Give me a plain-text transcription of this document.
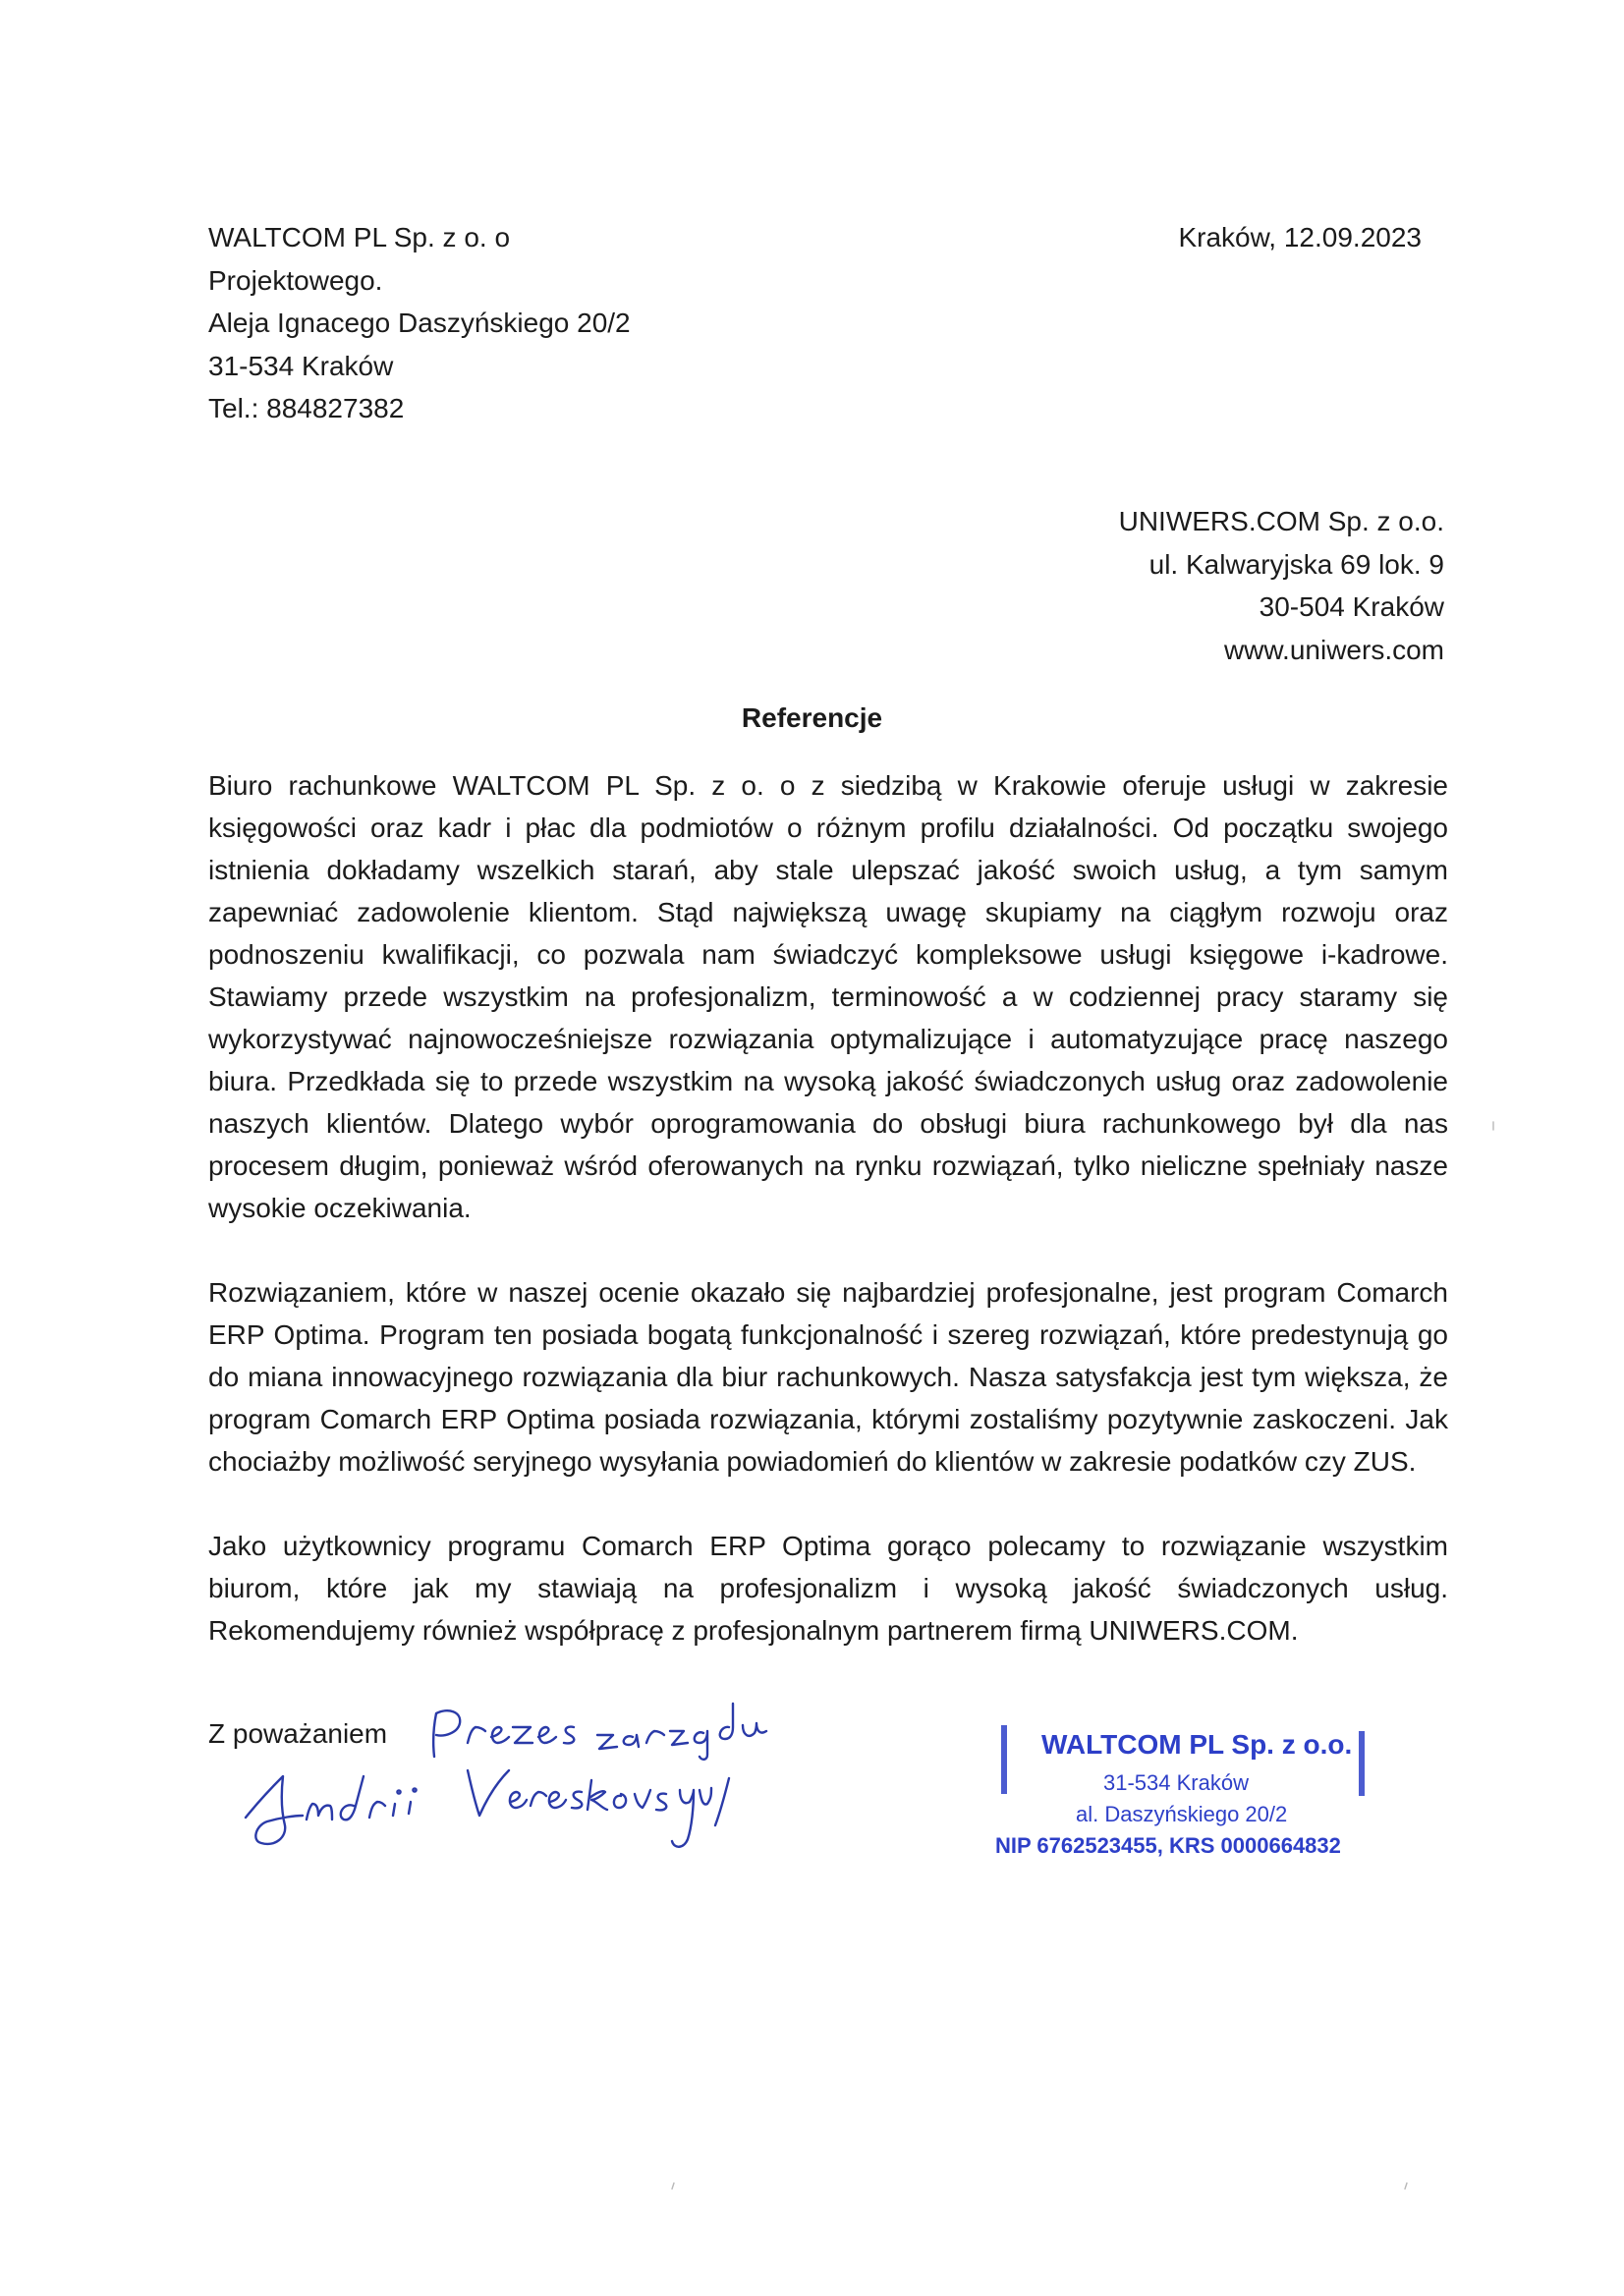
WALTCOM PL Sp. z o. o
Projektowego.
Aleja Ignacego Daszyńskiego 20/2
31-534 Kraków
Tel.: 884827382
Kraków, 12.09.2023
UNIWERS.COM Sp. z o.o.
ul. Kalwaryjska 69 lok. 9
30-504 Kraków
www.uniwers.com
Referencje

Biuro rachunkowe WALTCOM PL Sp. z o. o z siedzibą w Krakowie oferuje usługi w zakresie księgowości oraz kadr i płac dla podmiotów o różnym profilu działalności. Od początku swojego istnienia dokładamy wszelkich starań, aby stale ulepszać jakość swoich usług, a tym samym zapewniać zadowolenie klientom. Stąd największą uwagę skupiamy na ciągłym rozwoju oraz podnoszeniu kwalifikacji, co pozwala nam świadczyć kompleksowe usługi księgowe i-kadrowe. Stawiamy przede wszystkim na profesjonalizm, terminowość a w codziennej pracy staramy się wykorzystywać najnowocześniejsze rozwiązania optymalizujące i automatyzujące pracę naszego biura. Przedkłada się to przede wszystkim na wysoką jakość świadczonych usług oraz zadowolenie naszych klientów. Dlatego wybór oprogramowania do obsługi biura rachunkowego był dla nas procesem długim, ponieważ wśród oferowanych na rynku rozwiązań, tylko nieliczne spełniały nasze wysokie oczekiwania.

Rozwiązaniem, które w naszej ocenie okazało się najbardziej profesjonalne, jest program Comarch ERP Optima. Program ten posiada bogatą funkcjonalność i szereg rozwiązań, które predestynują go do miana innowacyjnego rozwiązania dla biur rachunkowych. Nasza satysfakcja jest tym większa, że program Comarch ERP Optima posiada rozwiązania, którymi zostaliśmy pozytywnie zaskoczeni. Jak chociażby możliwość seryjnego wysyłania powiadomień do klientów w zakresie podatków czy ZUS.

Jako użytkownicy programu Comarch ERP Optima gorąco polecamy to rozwiązanie wszystkim biurom, które jak my stawiają na profesjonalizm i wysoką jakość świadczonych usług. Rekomendujemy również współpracę z profesjonalnym partnerem firmą UNIWERS.COM.

Z poważaniem	WALTCOM PL Sp. z o.o.
31-534 Kraków
al. Daszyńskiego 20/2
NIP 6762523455, KRS 0000664832
